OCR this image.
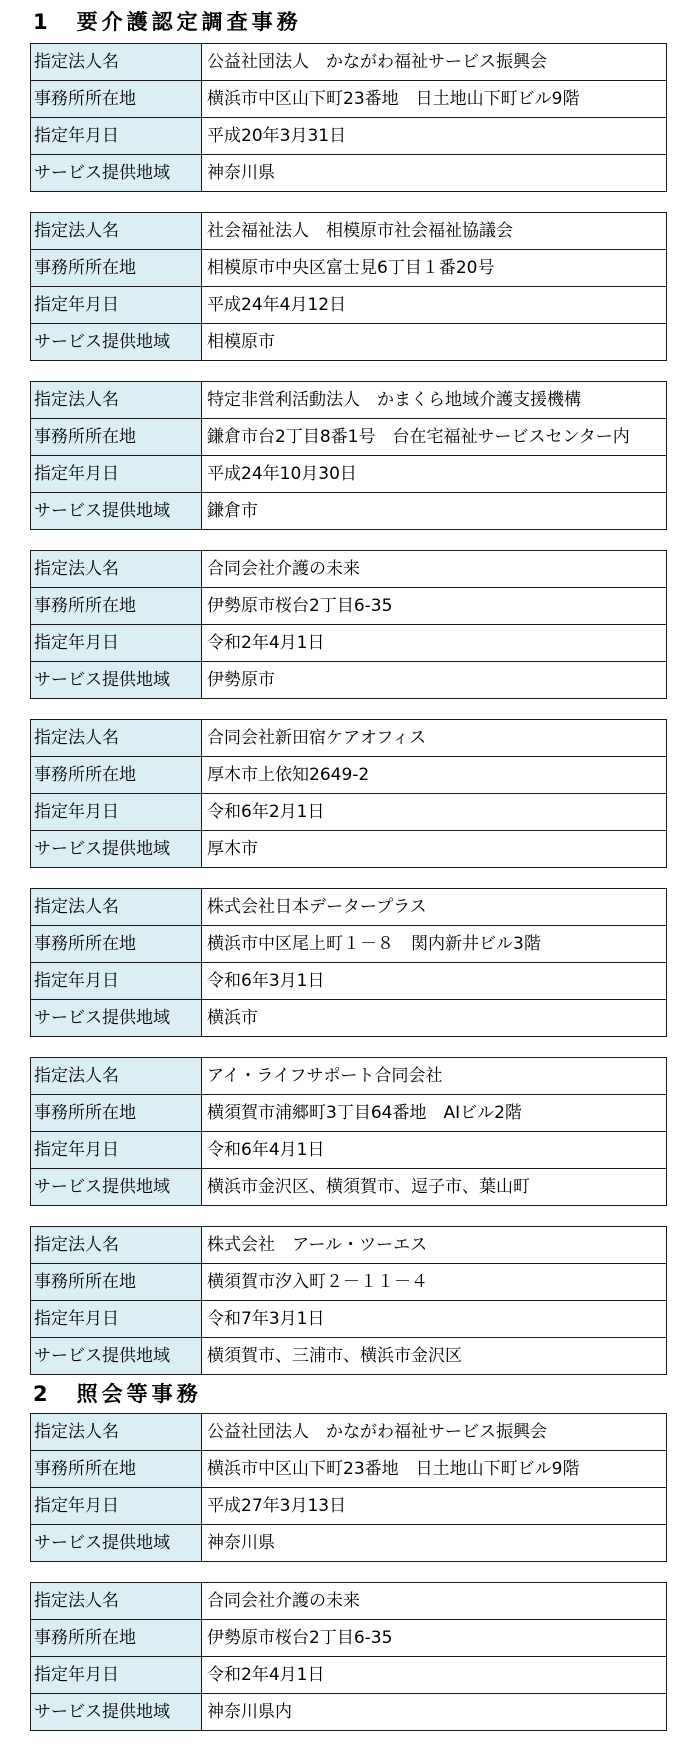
1　要介護認定調査事務
指定法人名	公益社団法人　かながわ福祉サービス振興会
事務所所在地	横浜市中区山下町23番地　日土地山下町ビル9階
指定年月日	平成20年3月31日
サービス提供地域	神奈川県
指定法人名	社会福祉法人　相模原市社会福祉協議会
事務所所在地	相模原市中央区富士見6丁目１番20号
指定年月日	平成24年4月12日
サービス提供地域	相模原市
指定法人名	特定非営利活動法人　かまくら地域介護支援機構
事務所所在地	鎌倉市台2丁目8番1号　台在宅福祉サービスセンター内
指定年月日	平成24年10月30日
サービス提供地域	鎌倉市
指定法人名	合同会社介護の未来
事務所所在地	伊勢原市桜台2丁目6-35
指定年月日	令和2年4月1日
サービス提供地域	伊勢原市
指定法人名	合同会社新田宿ケアオフィス
事務所所在地	厚木市上依知2649-2
指定年月日	令和6年2月1日
サービス提供地域	厚木市
指定法人名	株式会社日本データープラス
事務所所在地	横浜市中区尾上町１－８　関内新井ビル3階
指定年月日	令和6年3月1日
サービス提供地域	横浜市
指定法人名	アイ・ライフサポート合同会社
事務所所在地	横須賀市浦郷町3丁目64番地　AIビル2階
指定年月日	令和6年4月1日
サービス提供地域	横浜市金沢区、横須賀市、逗子市、葉山町
指定法人名	株式会社　アール・ツーエス
事務所所在地	横須賀市汐入町２－１１－４
指定年月日	令和7年3月1日
サービス提供地域	横須賀市、三浦市、横浜市金沢区
2　照会等事務
指定法人名	公益社団法人　かながわ福祉サービス振興会
事務所所在地	横浜市中区山下町23番地　日土地山下町ビル9階
指定年月日	平成27年3月13日
サービス提供地域	神奈川県
指定法人名	合同会社介護の未来
事務所所在地	伊勢原市桜台2丁目6-35
指定年月日	令和2年4月1日
サービス提供地域	神奈川県内
